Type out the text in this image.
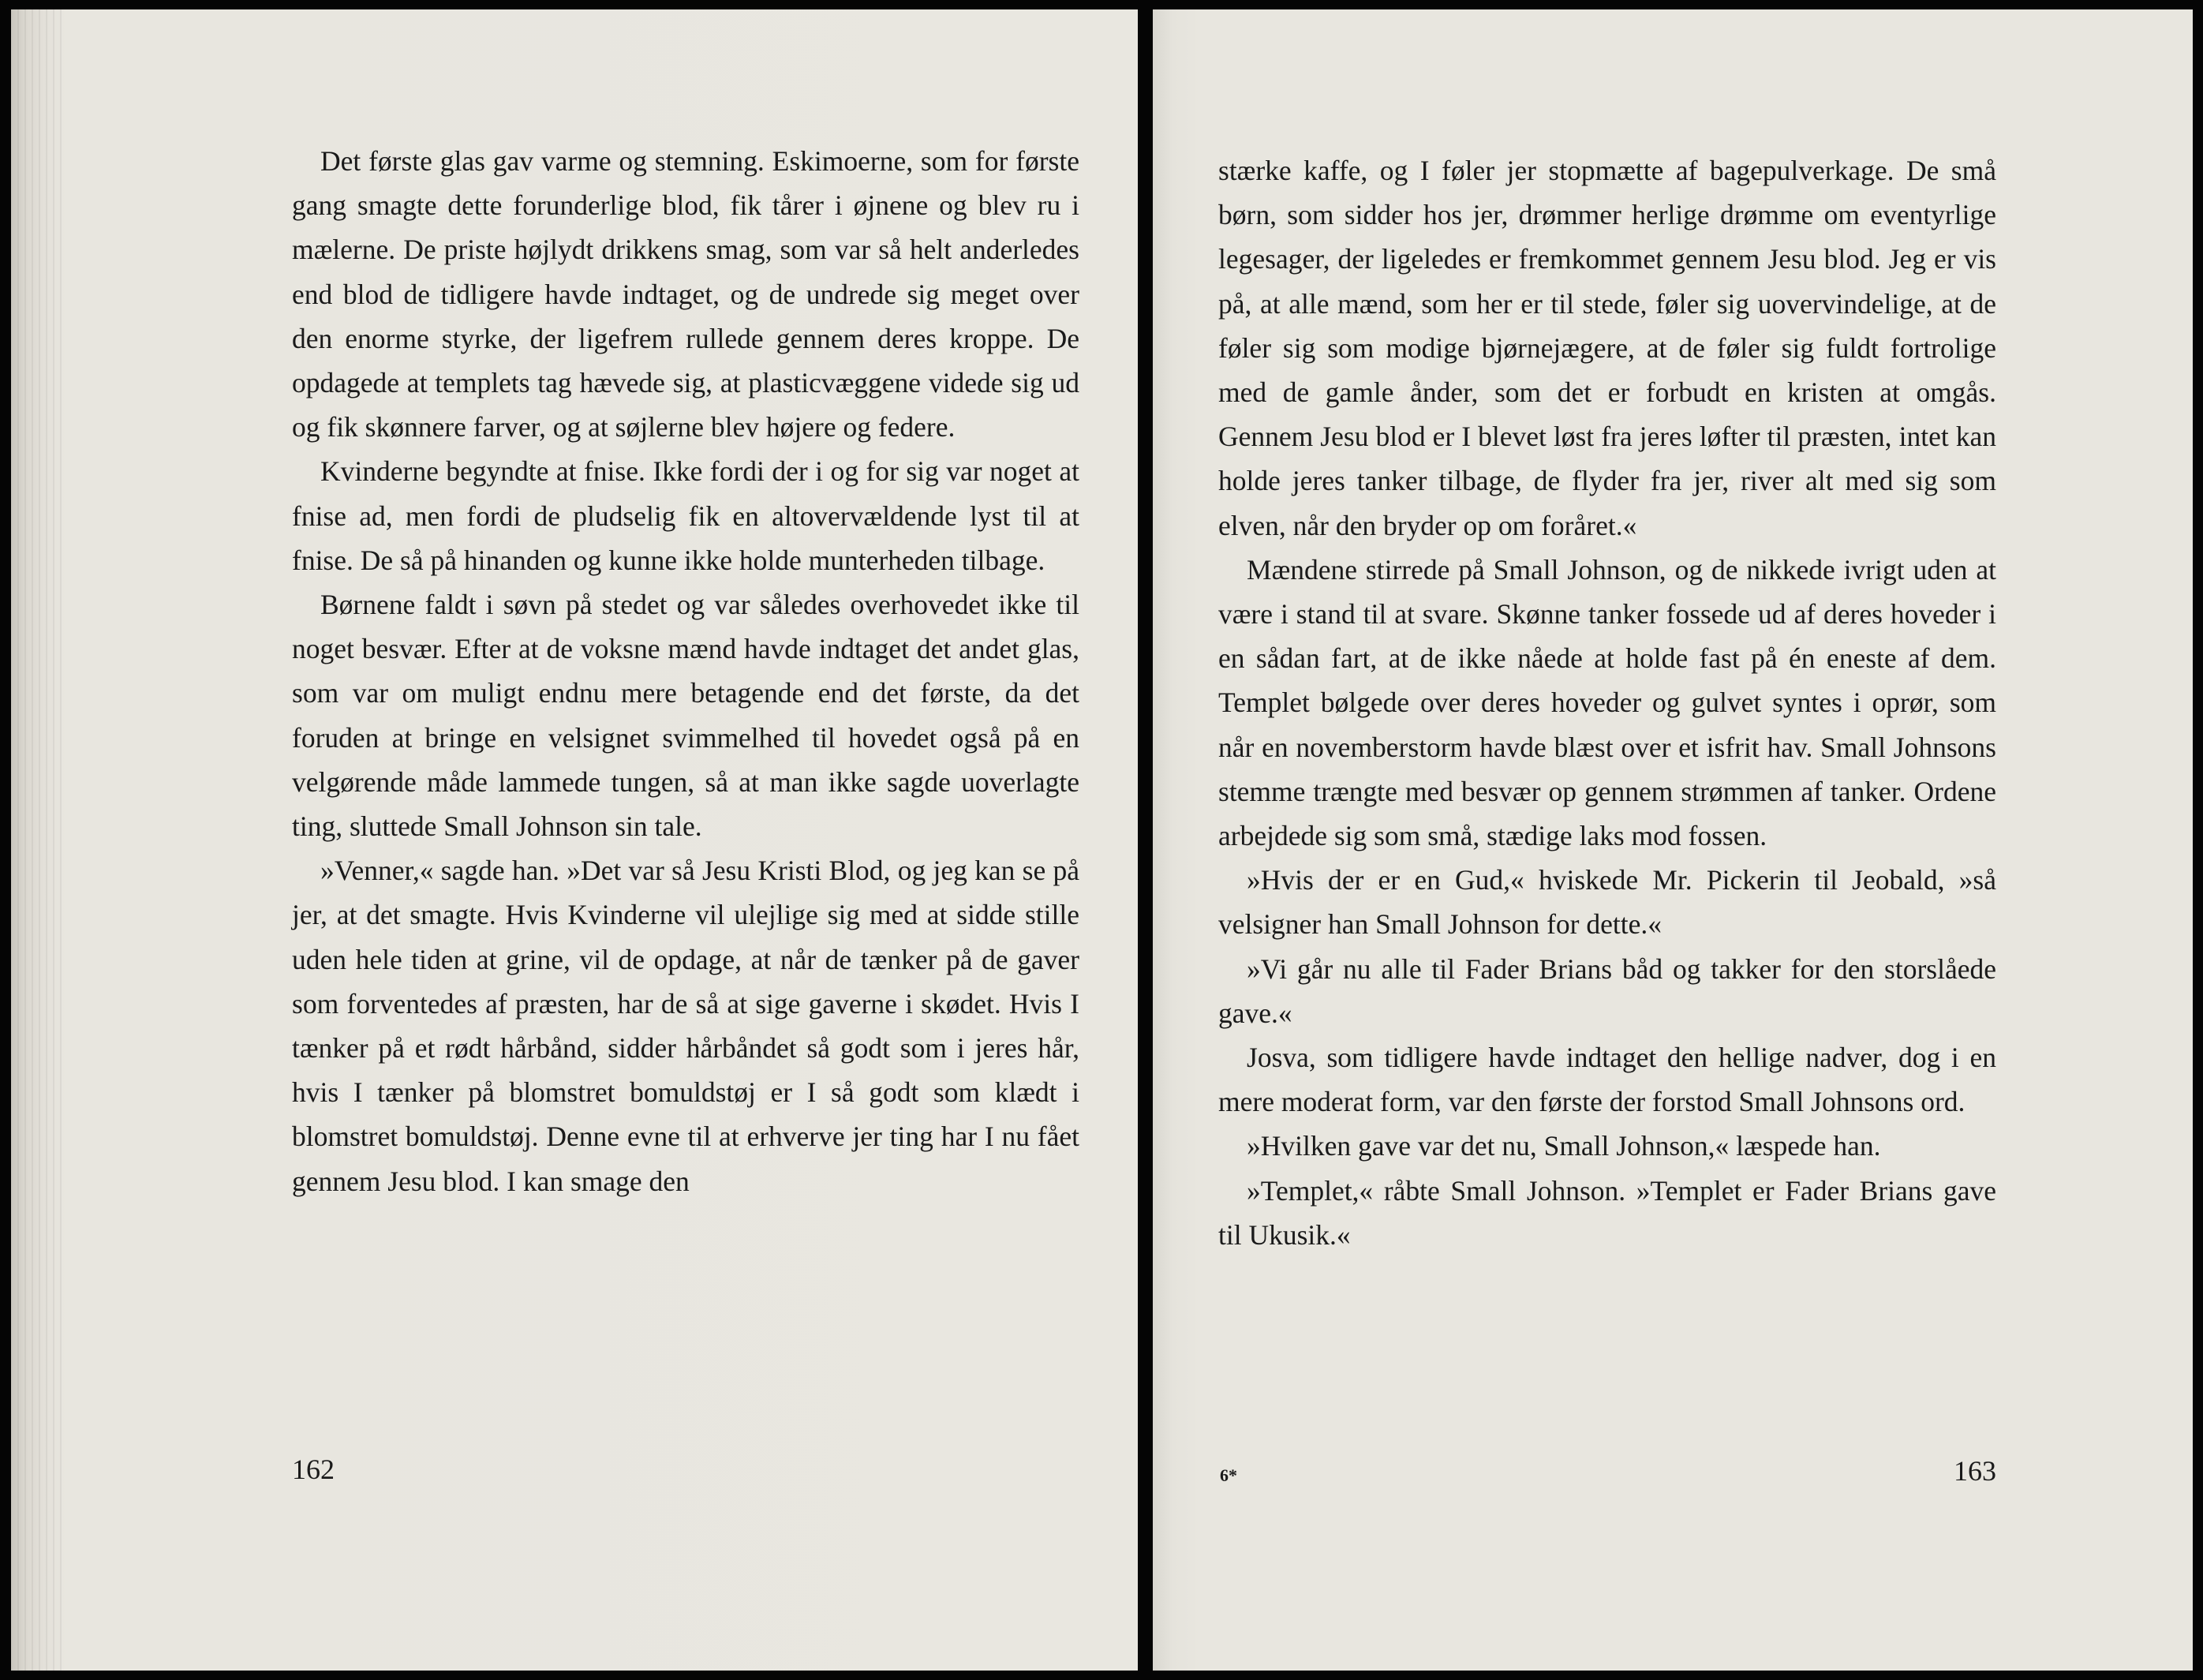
Det første glas gav varme og stemning. Eskimoerne, som for første gang smagte dette forunderlige blod, fik tårer i øjnene og blev ru i mælerne. De priste højlydt drikkens smag, som var så helt anderledes end blod de tidligere havde indtaget, og de undrede sig meget over den enorme styrke, der ligefrem rullede gennem deres kroppe. De opdagede at templets tag hævede sig, at plasticvæggene videde sig ud og fik skønnere farver, og at søjlerne blev højere og federe.

Kvinderne begyndte at fnise. Ikke fordi der i og for sig var noget at fnise ad, men fordi de pludselig fik en altovervældende lyst til at fnise. De så på hinanden og kunne ikke holde munterheden tilbage.

Børnene faldt i søvn på stedet og var således overhovedet ikke til noget besvær. Efter at de voksne mænd havde indtaget det andet glas, som var om muligt endnu mere betagende end det første, da det foruden at bringe en velsignet svimmelhed til hovedet også på en velgørende måde lammede tungen, så at man ikke sagde uoverlagte ting, sluttede Small Johnson sin tale.

»Venner,« sagde han. »Det var så Jesu Kristi Blod, og jeg kan se på jer, at det smagte. Hvis Kvinderne vil ulejlige sig med at sidde stille uden hele tiden at grine, vil de opdage, at når de tænker på de gaver som forventedes af præsten, har de så at sige gaverne i skødet. Hvis I tænker på et rødt hårbånd, sidder hårbåndet så godt som i jeres hår, hvis I tænker på blomstret bomuldstøj er I så godt som klædt i blomstret bomuldstøj. Denne evne til at erhverve jer ting har I nu fået gennem Jesu blod. I kan smage den

162

stærke kaffe, og I føler jer stopmætte af bagepulverkage. De små børn, som sidder hos jer, drømmer herlige drømme om eventyrlige legesager, der ligeledes er fremkommet gennem Jesu blod. Jeg er vis på, at alle mænd, som her er til stede, føler sig uovervindelige, at de føler sig som modige bjørnejægere, at de føler sig fuldt fortrolige med de gamle ånder, som det er forbudt en kristen at omgås. Gennem Jesu blod er I blevet løst fra jeres løfter til præsten, intet kan holde jeres tanker tilbage, de flyder fra jer, river alt med sig som elven, når den bryder op om foråret.«

Mændene stirrede på Small Johnson, og de nikkede ivrigt uden at være i stand til at svare. Skønne tanker fossede ud af deres hoveder i en sådan fart, at de ikke nåede at holde fast på én eneste af dem. Templet bølgede over deres hoveder og gulvet syntes i oprør, som når en novemberstorm havde blæst over et isfrit hav. Small Johnsons stemme trængte med besvær op gennem strømmen af tanker. Ordene arbejdede sig som små, stædige laks mod fossen.

»Hvis der er en Gud,« hviskede Mr. Pickerin til Jeobald, »så velsigner han Small Johnson for dette.«

»Vi går nu alle til Fader Brians båd og takker for den storslåede gave.«

Josva, som tidligere havde indtaget den hellige nadver, dog i en mere moderat form, var den første der forstod Small Johnsons ord.

»Hvilken gave var det nu, Small Johnson,« læspede han.

»Templet,« råbte Small Johnson. »Templet er Fader Brians gave til Ukusik.«

6*	163
